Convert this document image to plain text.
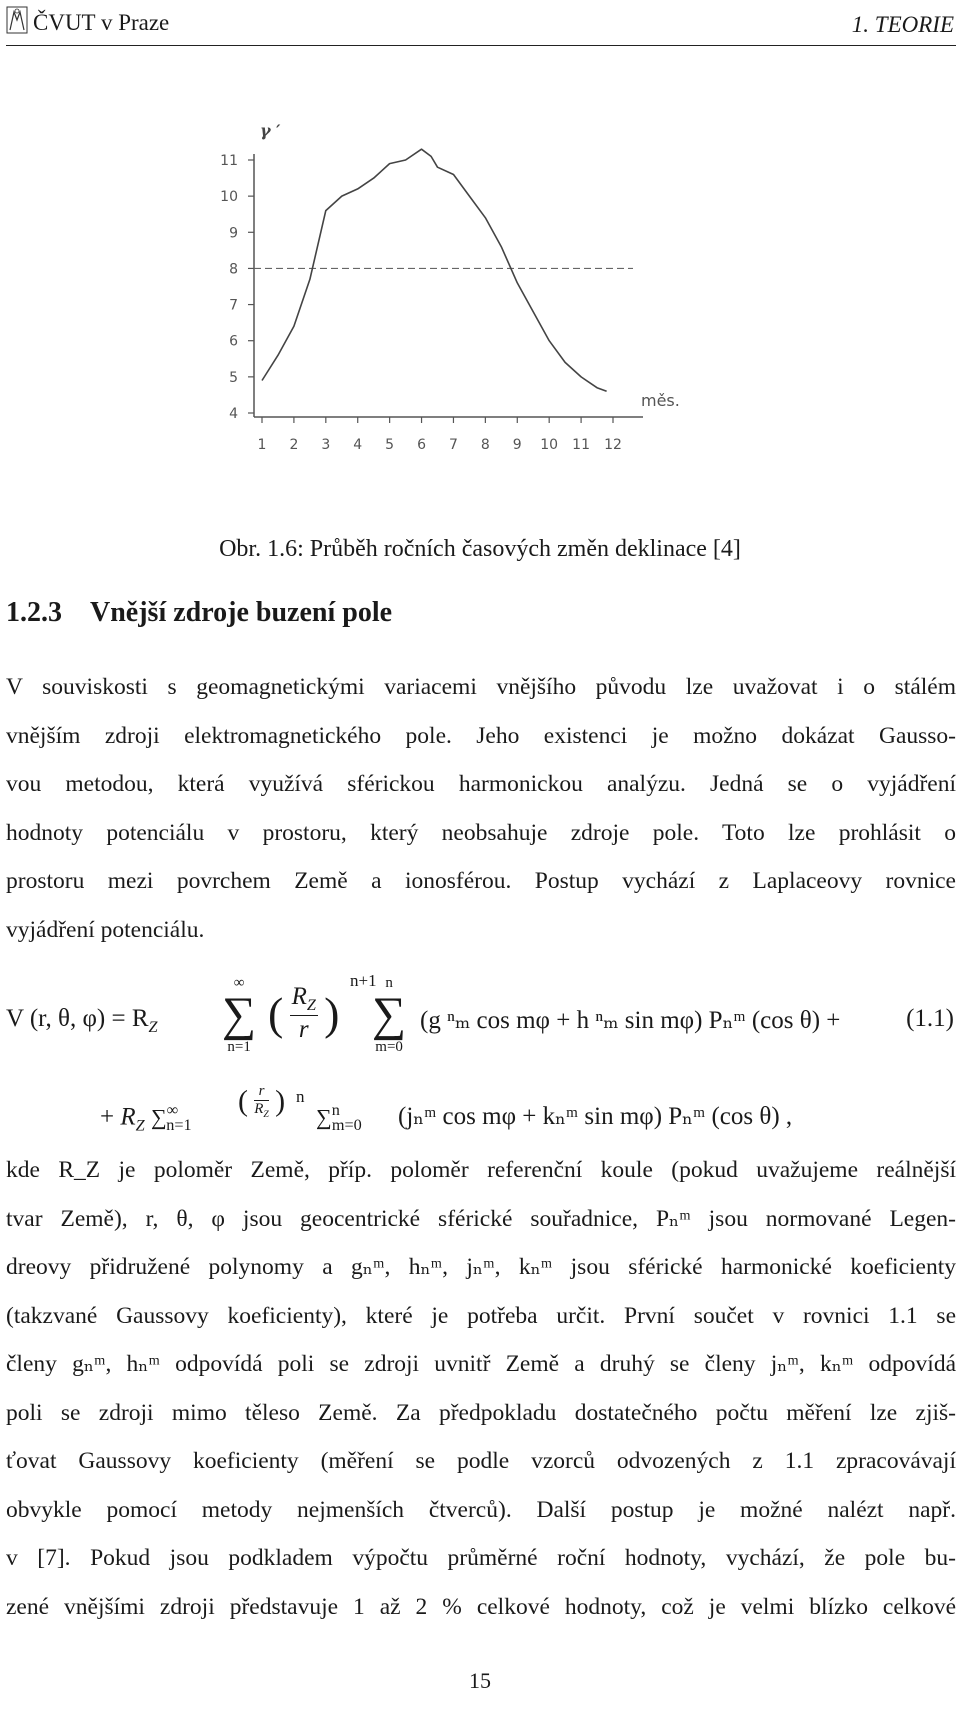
ČVUT v Praze	1. TEORIE
4
5
6
7
8
9
10
11
1 2 3 4 5 6 7 8 9 10 11 12
γ ′
měs.
Obr. 1.6: Průběh ročních časových změn deklinace [4]
1.2.3 Vnější zdroje buzení pole
V souviskosti s geomagnetickými variacemi vnějšího původu lze uvažovat i o stálém
vnějším zdroji elektromagnetického pole. Jeho existenci je možno dokázat Gausso-
vou metodou, která využívá sférickou harmonickou analýzu. Jedná se o vyjádření
hodnoty potenciálu v prostoru, který neobsahuje zdroje pole. Toto lze prohlásit o
prostoru mezi povrchem Země a ionosférou. Postup vychází z Laplaceovy rovnice
vyjádření potenciálu.
V (r, θ, $\varphi) = R_Z$
∞
∑
n=1
( $\frac{R_Z}{r}$ )
n+1 n
∑
m=0
(g ⁿₘ cos mφ + h ⁿₘ sin mφ) Pₙᵐ (cos θ) +	(1.1)
+ $R_Z$ $\sum^\infty_{n=1}$
( $\frac{r}{R_Z}$ ) n
∑$^n_{m=0}$ (jₙᵐ cos mφ + kₙᵐ sin mφ) Pₙᵐ (cos θ) ,
kde R_Z je poloměr Země, příp. poloměr referenční koule (pokud uvažujeme reálnější
tvar Země), r, θ, φ jsou geocentrické sférické souřadnice, Pₙᵐ jsou normované Legen-
dreovy přidružené polynomy a gₙᵐ, hₙᵐ, jₙᵐ, kₙᵐ jsou sférické harmonické koeficienty
(takzvané Gaussovy koeficienty), které je potřeba určit. První součet v rovnici 1.1 se
členy gₙᵐ, hₙᵐ odpovídá poli se zdroji uvnitř Země a druhý se členy jₙᵐ, kₙᵐ odpovídá
poli se zdroji mimo těleso Země. Za předpokladu dostatečného počtu měření lze zjiš-
ťovat Gaussovy koeficienty (měření se podle vzorců odvozených z 1.1 zpracovávají
obvykle pomocí metody nejmenších čtverců). Další postup je možné nalézt např.
v [7]. Pokud jsou podkladem výpočtu průměrné roční hodnoty, vychází, že pole bu-
zené vnějšími zdroji představuje 1 až 2 % celkové hodnoty, což je velmi blízko celkové
15
